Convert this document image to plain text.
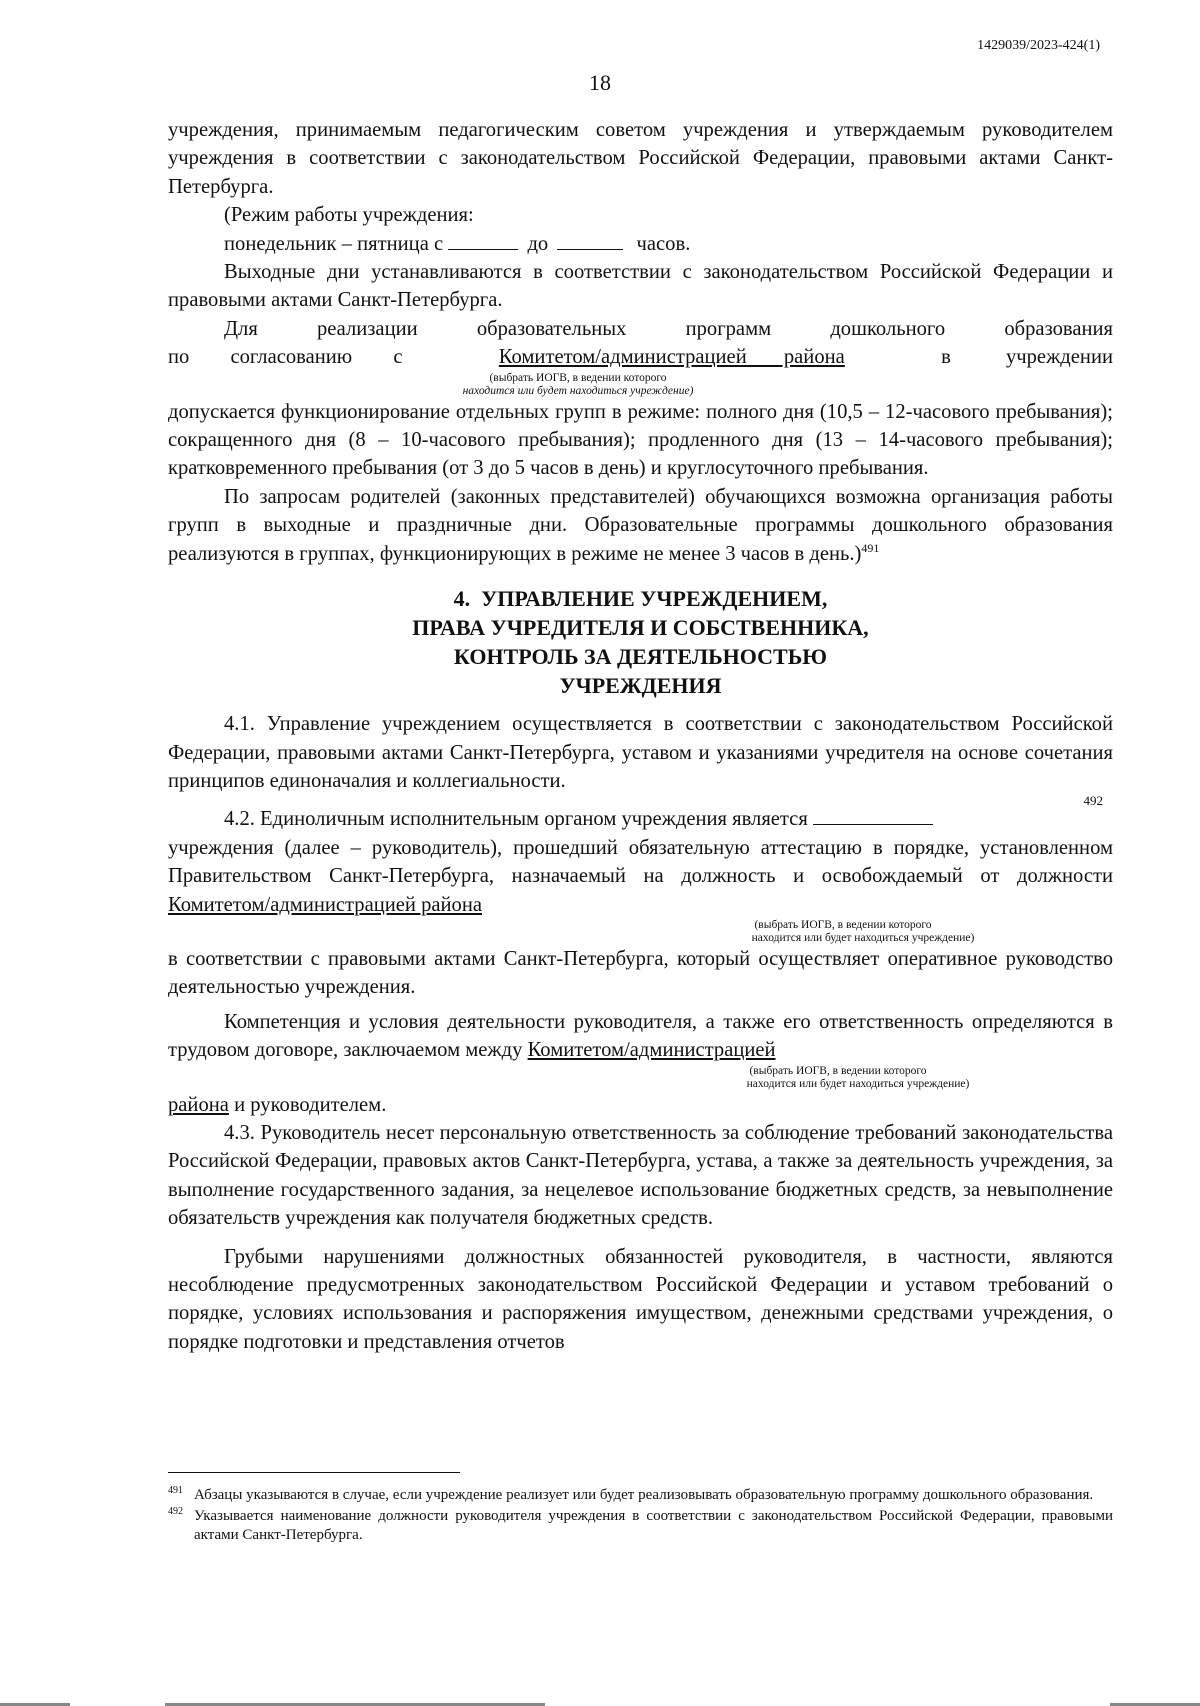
1429039/2023-424(1)
18

учреждения, принимаемым педагогическим советом учреждения и утверждаемым руководителем учреждения в соответствии с законодательством Российской Федерации, правовыми актами Санкт-Петербурга.

(Режим работы учреждения:

понедельник – пятница с	до	часов.

Выходные дни устанавливаются в соответствии с законодательством Российской Федерации и правовыми актами Санкт-Петербурга.

Для реализации образовательных программ дошкольного образования

по согласованию с	Комитетом/администрацией района	в учреждении

(выбрать ИОГВ, в ведении которого

находится или будет находиться учреждение)

допускается функционирование отдельных групп в режиме: полного дня (10,5 – 12-часового пребывания); сокращенного дня (8 – 10-часового пребывания); продленного дня (13 – 14-часового пребывания); кратковременного пребывания (от 3 до 5 часов в день) и круглосуточного пребывания.

По запросам родителей (законных представителей) обучающихся возможна организация работы групп в выходные и праздничные дни. Образовательные программы дошкольного образования реализуются в группах, функционирующих в режиме не менее 3 часов в день.)$^{491}$

4. УПРАВЛЕНИЕ УЧРЕЖДЕНИЕМ,
ПРАВА УЧРЕДИТЕЛЯ И СОБСТВЕННИКА,
КОНТРОЛЬ ЗА ДЕЯТЕЛЬНОСТЬЮ
УЧРЕЖДЕНИЯ

4.1. Управление учреждением осуществляется в соответствии с законодательством Российской Федерации, правовыми актами Санкт-Петербурга, уставом и указаниями учредителя на основе сочетания принципов единоначалия и коллегиальности.

492

4.2. Единоличным исполнительным органом учреждения является

учреждения (далее – руководитель), прошедший обязательную аттестацию в порядке, установленном Правительством Санкт-Петербурга, назначаемый на должность и освобождаемый от должности Комитетом/администрацией района

(выбрать ИОГВ, в ведении которого

находится или будет находиться учреждение)

в соответствии с правовыми актами Санкт-Петербурга, который осуществляет оперативное руководство деятельностью учреждения.

Компетенция и условия деятельности руководителя, а также его ответственность определяются в трудовом договоре, заключаемом между Комитетом/администрацией

(выбрать ИОГВ, в ведении которого

находится или будет находиться учреждение)

района и руководителем.

4.3. Руководитель несет персональную ответственность за соблюдение требований законодательства Российской Федерации, правовых актов Санкт-Петербурга, устава, а также за деятельность учреждения, за выполнение государственного задания, за нецелевое использование бюджетных средств, за невыполнение обязательств учреждения как получателя бюджетных средств.

Грубыми нарушениями должностных обязанностей руководителя, в частности, являются несоблюдение предусмотренных законодательством Российской Федерации и уставом требований о порядке, условиях использования и распоряжения имуществом, денежными средствами учреждения, о порядке подготовки и представления отчетов

$^{491}$ Абзацы указываются в случае, если учреждение реализует или будет реализовывать образовательную программу дошкольного образования.

$^{492}$ Указывается наименование должности руководителя учреждения в соответствии с законодательством Российской Федерации, правовыми актами Санкт-Петербурга.
